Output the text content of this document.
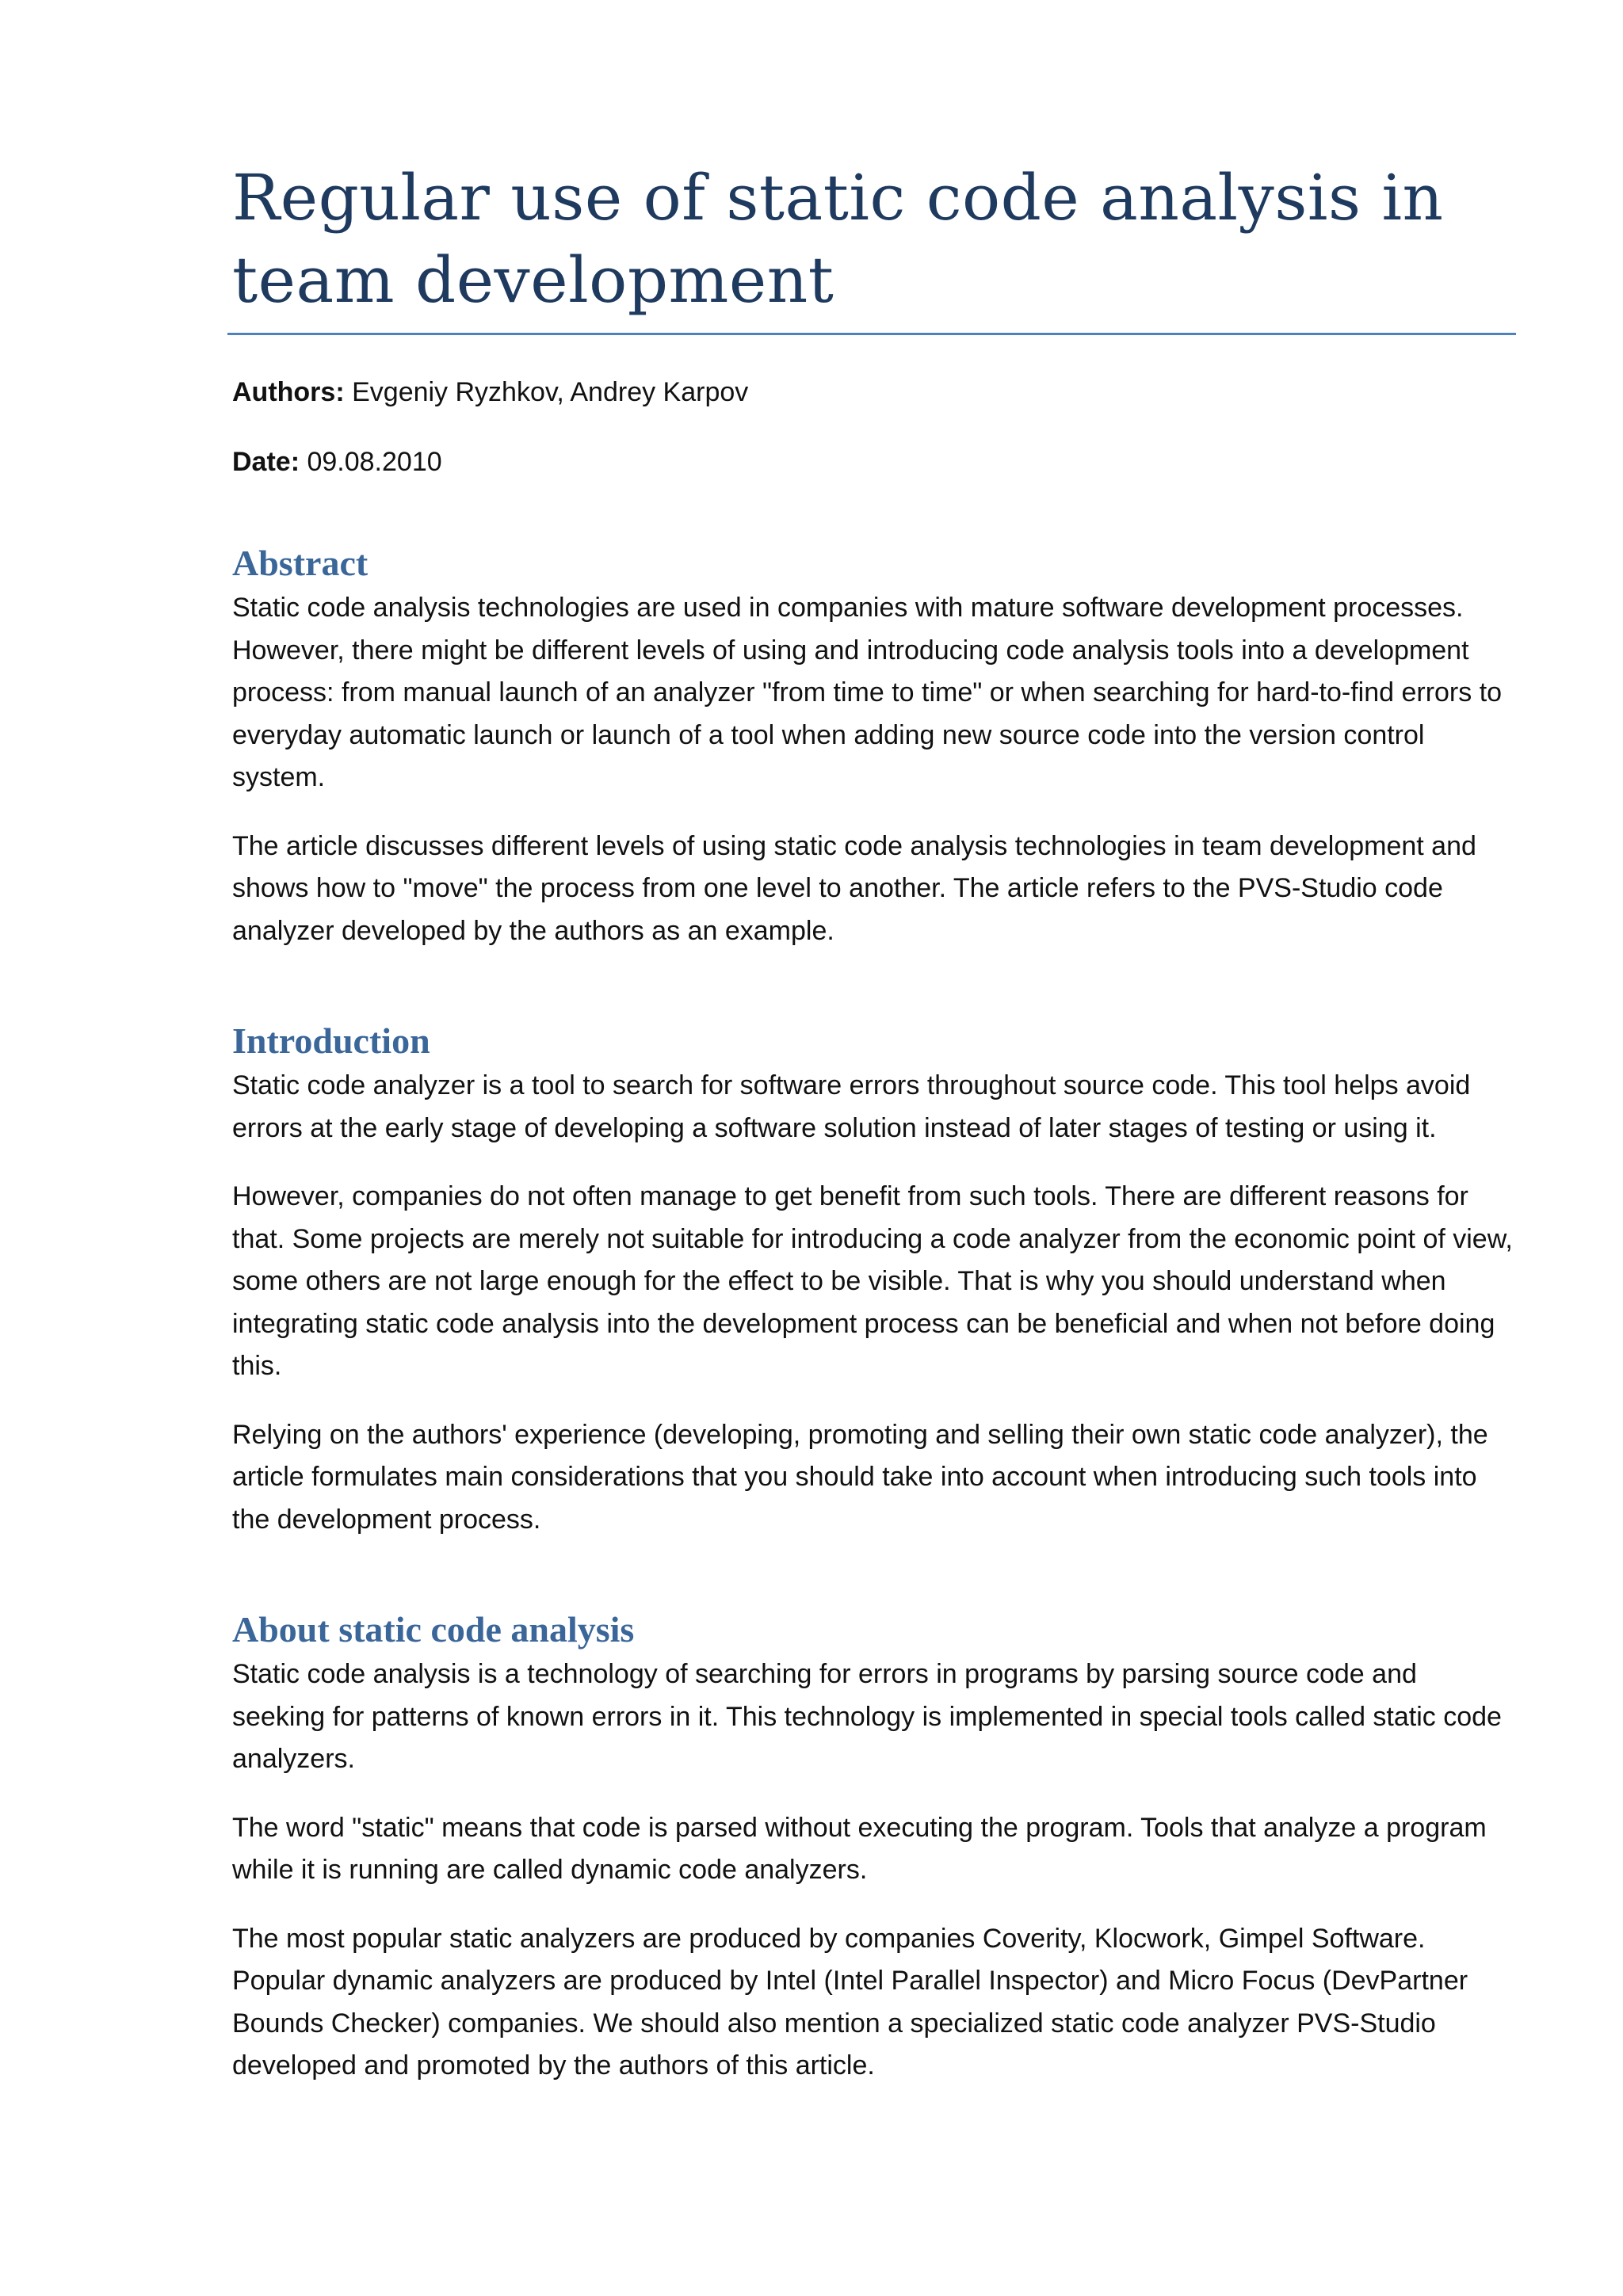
Regular use of static code analysis in team development

Authors: Evgeniy Ryzhkov, Andrey Karpov

Date: 09.08.2010

Abstract

Static code analysis technologies are used in companies with mature software development processes. However, there might be different levels of using and introducing code analysis tools into a development process: from manual launch of an analyzer "from time to time" or when searching for hard-to-find errors to everyday automatic launch or launch of a tool when adding new source code into the version control system.

The article discusses different levels of using static code analysis technologies in team development and shows how to "move" the process from one level to another. The article refers to the PVS-Studio code analyzer developed by the authors as an example.

Introduction

Static code analyzer is a tool to search for software errors throughout source code. This tool helps avoid errors at the early stage of developing a software solution instead of later stages of testing or using it.

However, companies do not often manage to get benefit from such tools. There are different reasons for that. Some projects are merely not suitable for introducing a code analyzer from the economic point of view, some others are not large enough for the effect to be visible. That is why you should understand when integrating static code analysis into the development process can be beneficial and when not before doing this.

Relying on the authors' experience (developing, promoting and selling their own static code analyzer), the article formulates main considerations that you should take into account when introducing such tools into the development process.

About static code analysis

Static code analysis is a technology of searching for errors in programs by parsing source code and seeking for patterns of known errors in it. This technology is implemented in special tools called static code analyzers.

The word "static" means that code is parsed without executing the program. Tools that analyze a program while it is running are called dynamic code analyzers.

The most popular static analyzers are produced by companies Coverity, Klocwork, Gimpel Software. Popular dynamic analyzers are produced by Intel (Intel Parallel Inspector) and Micro Focus (DevPartner Bounds Checker) companies. We should also mention a specialized static code analyzer PVS-Studio developed and promoted by the authors of this article.
